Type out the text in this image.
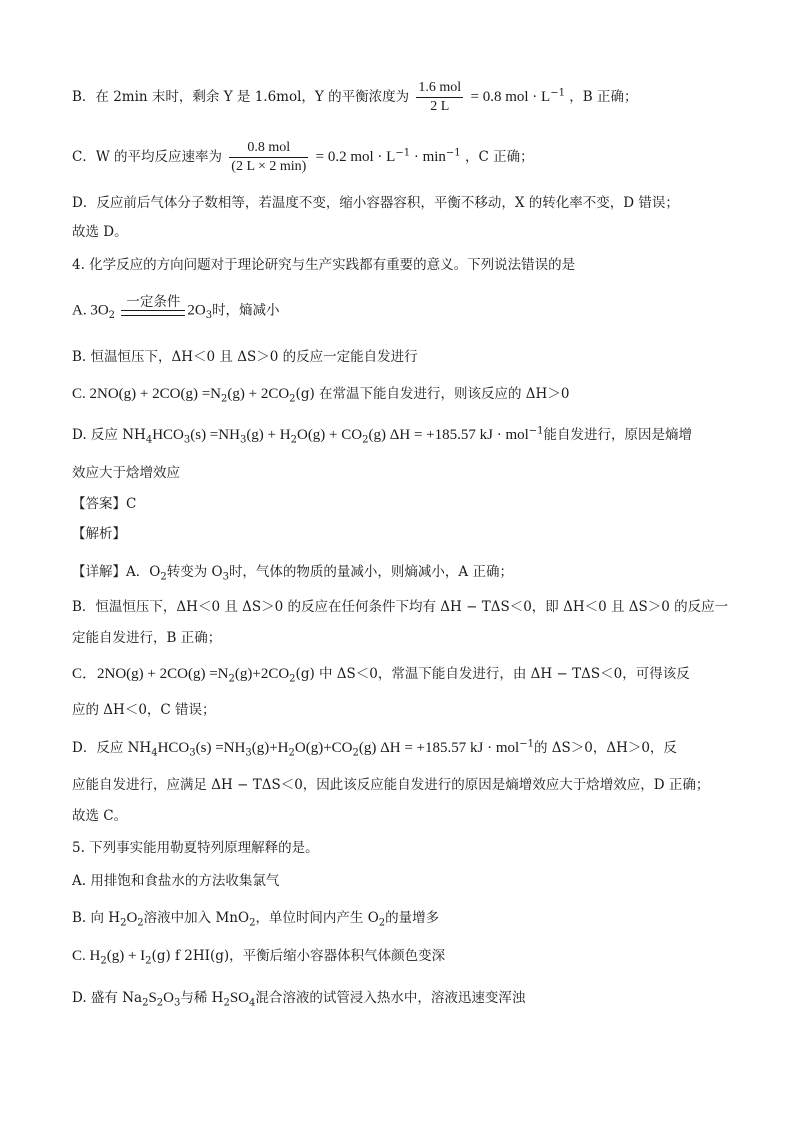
B．在 2min 末时，剩余 Y 是 1.6mol，Y 的平衡浓度为 $\frac{\text{1.6 mol}}{2 L} = 0.8$ mol · $L^{-1}$ ，B 正确；
C．W 的平均反应速率为 $\frac{\text{0.8 mol}}{(2 L \times 2 \min)} = 0.2$ mol · $L^{-1} \cdot \min^{-1}$ ，C 正确；
D．反应前后气体分子数相等，若温度不变，缩小容器容积，平衡不移动，X 的转化率不变，D 错误；
故选 D。
4. 化学反应的方向问题对于理论研究与生产实践都有重要的意义。下列说法错误的是
A. $3O_2$
一定条件
$2O_3$时，熵减小
B. 恒温恒压下，ΔH＜0 且 ΔS＞0 的反应一定能自发进行
C. $2NO(g) + 2CO(g) =N_2(g) + 2CO_2(g)$ 在常温下能自发进行，则该反应的 ΔH＞0
D. 反应 $NH_4HCO_3(s) =NH_3(g) + H_2O(g) + CO_2(g) \Delta H = +185.57$ kJ · mol$^{-1}$能自发进行，原因是熵增
效应大于焓增效应
【答案】C
【解析】
【详解】A．$O_2$转变为 $O_3$时，气体的物质的量减小，则熵减小，A 正确；
B．恒温恒压下，ΔH＜0 且 ΔS＞0 的反应在任何条件下均有 ΔH − TΔS＜0，即 ΔH＜0 且 ΔS＞0 的反应一
定能自发进行，B 正确；
C．$2NO(g) + 2CO(g) =N_2(g)+2CO_2(g)$ 中 ΔS＜0，常温下能自发进行，由 ΔH − TΔS＜0，可得该反
应的 ΔH＜0，C 错误；
D．反应 $NH_4HCO_3(s) =NH_3(g)+H_2O(g)+CO_2(g) \Delta H = +185.57$ kJ · mol$^{-1}$的 ΔS＞0，ΔH＞0，反
应能自发进行，应满足 ΔH − TΔS＜0，因此该反应能自发进行的原因是熵增效应大于焓增效应，D 正确；
故选 C。
5. 下列事实能用勒夏特列原理解释的是。
A. 用排饱和食盐水的方法收集氯气
B. 向 $H_2O_2$溶液中加入 MnO$_2$，单位时间内产生 $O_2$的量增多
C. $H_2(g) + I_2(g)$ f 2HI(g)，平衡后缩小容器体积气体颜色变深
D. 盛有 $Na_2S_2O_3$与稀 $H_2SO_4$混合溶液的试管浸入热水中，溶液迅速变浑浊
